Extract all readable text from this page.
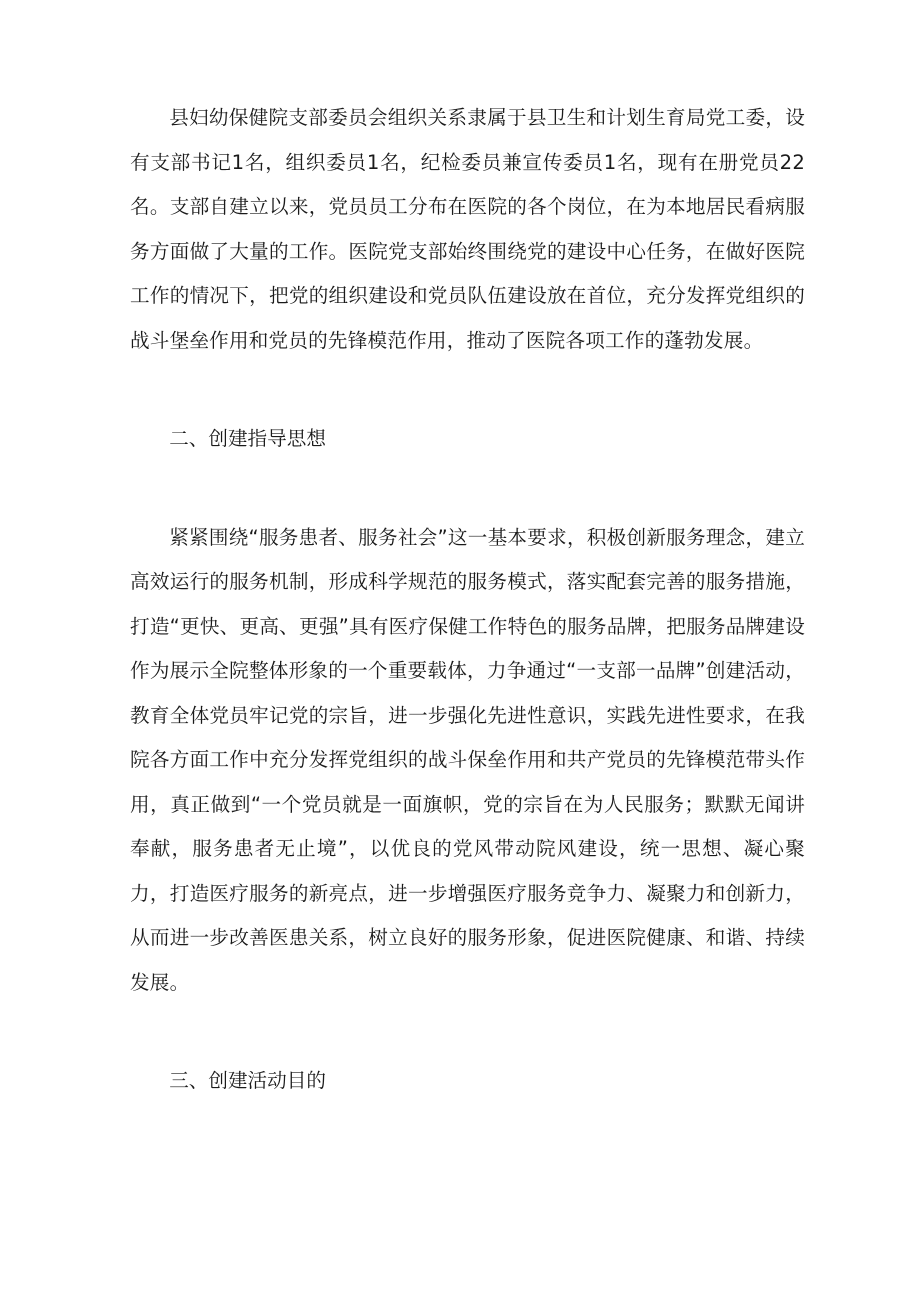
县妇幼保健院支部委员会组织关系隶属于县卫生和计划生育局党工委，设有支部书记1名，组织委员1名，纪检委员兼宣传委员1名，现有在册党员22名。支部自建立以来，党员员工分布在医院的各个岗位，在为本地居民看病服务方面做了大量的工作。医院党支部始终围绕党的建设中心任务，在做好医院工作的情况下，把党的组织建设和党员队伍建设放在首位，充分发挥党组织的战斗堡垒作用和党员的先锋模范作用，推动了医院各项工作的蓬勃发展。

二、创建指导思想

紧紧围绕“服务患者、服务社会”这一基本要求，积极创新服务理念，建立高效运行的服务机制，形成科学规范的服务模式，落实配套完善的服务措施，打造“更快、更高、更强”具有医疗保健工作特色的服务品牌，把服务品牌建设作为展示全院整体形象的一个重要载体，力争通过“一支部一品牌”创建活动，教育全体党员牢记党的宗旨，进一步强化先进性意识，实践先进性要求，在我院各方面工作中充分发挥党组织的战斗保垒作用和共产党员的先锋模范带头作用，真正做到“一个党员就是一面旗帜，党的宗旨在为人民服务；默默无闻讲奉献，服务患者无止境”，以优良的党风带动院风建设，统一思想、凝心聚力，打造医疗服务的新亮点，进一步增强医疗服务竞争力、凝聚力和创新力，从而进一步改善医患关系，树立良好的服务形象，促进医院健康、和谐、持续发展。

三、创建活动目的
